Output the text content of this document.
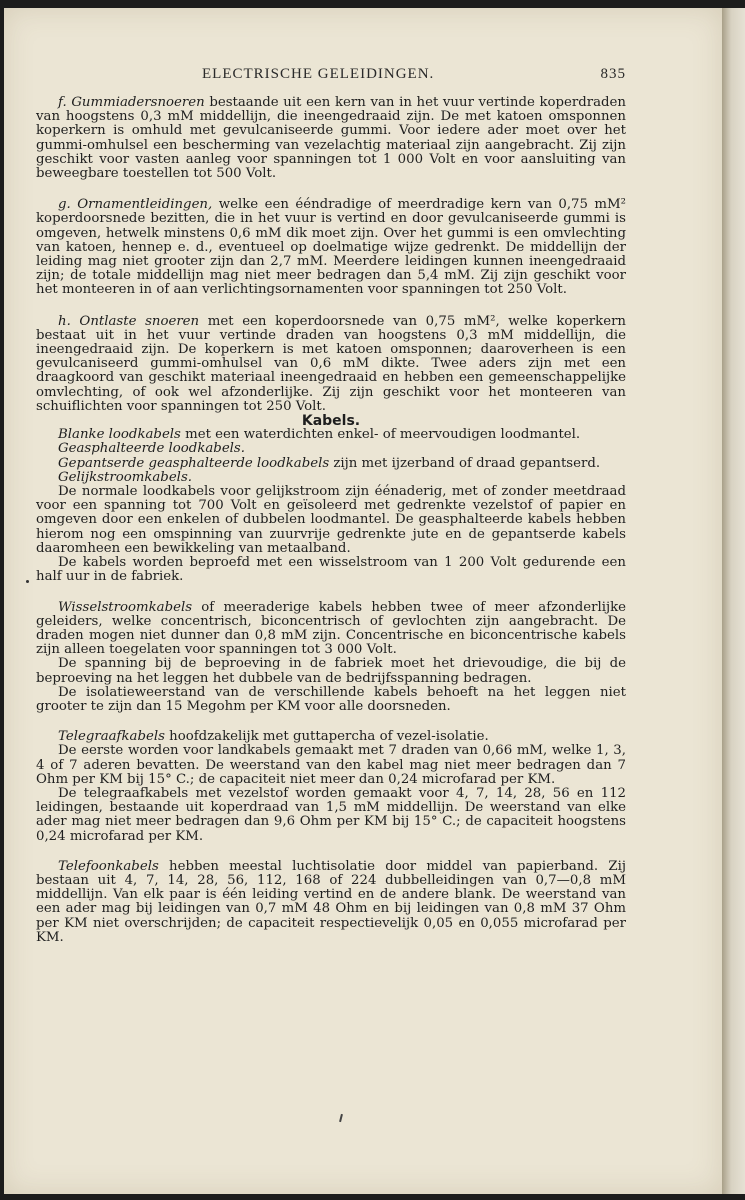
ELECTRISCHE GELEIDINGEN.	835

f. Gummiadersnoeren bestaande uit een kern van in het vuur vertinde koperdraden van hoogstens 0,3 mM middellijn, die ineengedraaid zijn. De met katoen omsponnen koperkern is omhuld met gevulcaniseerde gummi. Voor iedere ader moet over het gummi-omhulsel een bescherming van vezelachtig materiaal zijn aangebracht. Zij zijn geschikt voor vasten aanleg voor spanningen tot 1 000 Volt en voor aansluiting van beweegbare toestellen tot 500 Volt.

g. Ornamentleidingen, welke een ééndradige of meerdradige kern van 0,75 mM² koperdoorsnede bezitten, die in het vuur is vertind en door gevulcaniseerde gummi is omgeven, hetwelk minstens 0,6 mM dik moet zijn. Over het gummi is een omvlechting van katoen, hennep e. d., eventueel op doelmatige wijze gedrenkt. De middellijn der leiding mag niet grooter zijn dan 2,7 mM. Meerdere leidingen kunnen ineengedraaid zijn; de totale middellijn mag niet meer bedragen dan 5,4 mM. Zij zijn geschikt voor het monteeren in of aan verlichtingsornamenten voor spanningen tot 250 Volt.

h. Ontlaste snoeren met een koperdoorsnede van 0,75 mM², welke koperkern bestaat uit in het vuur vertinde draden van hoogstens 0,3 mM middellijn, die ineengedraaid zijn. De koperkern is met katoen omsponnen; daaroverheen is een gevulcaniseerd gummi-omhulsel van 0,6 mM dikte. Twee aders zijn met een draagkoord van geschikt materiaal ineengedraaid en hebben een gemeenschappelijke omvlechting, of ook wel afzonderlijke. Zij zijn geschikt voor het monteeren van schuiflichten voor spanningen tot 250 Volt.

Kabels.

Blanke loodkabels met een waterdichten enkel- of meervoudigen loodmantel.

Geasphalteerde loodkabels.

Gepantserde geasphalteerde loodkabels zijn met ijzerband of draad gepantserd.

Gelijkstroomkabels.

De normale loodkabels voor gelijkstroom zijn éénaderig, met of zonder meetdraad voor een spanning tot 700 Volt en geïsoleerd met gedrenkte vezelstof of papier en omgeven door een enkelen of dubbelen loodmantel. De geasphalteerde kabels hebben hierom nog een omspinning van zuurvrije gedrenkte jute en de gepantserde kabels daaromheen een bewikkeling van metaalband.

De kabels worden beproefd met een wisselstroom van 1 200 Volt gedurende een half uur in de fabriek.

Wisselstroomkabels of meeraderige kabels hebben twee of meer afzonderlijke geleiders, welke concentrisch, biconcentrisch of gevlochten zijn aangebracht. De draden mogen niet dunner dan 0,8 mM zijn. Concentrische en biconcentrische kabels zijn alleen toegelaten voor spanningen tot 3 000 Volt.

De spanning bij de beproeving in de fabriek moet het drievoudige, die bij de beproeving na het leggen het dubbele van de bedrijfsspanning bedragen.

De isolatieweerstand van de verschillende kabels behoeft na het leggen niet grooter te zijn dan 15 Megohm per KM voor alle doorsneden.

Telegraafkabels hoofdzakelijk met guttapercha of vezel-isolatie.

De eerste worden voor landkabels gemaakt met 7 draden van 0,66 mM, welke 1, 3, 4 of 7 aderen bevatten. De weerstand van den kabel mag niet meer bedragen dan 7 Ohm per KM bij 15° C.; de capaciteit niet meer dan 0,24 microfarad per KM.

De telegraafkabels met vezelstof worden gemaakt voor 4, 7, 14, 28, 56 en 112 leidingen, bestaande uit koperdraad van 1,5 mM middellijn. De weerstand van elke ader mag niet meer bedragen dan 9,6 Ohm per KM bij 15° C.; de capaciteit hoogstens 0,24 microfarad per KM.

Telefoonkabels hebben meestal luchtisolatie door middel van papierband. Zij bestaan uit 4, 7, 14, 28, 56, 112, 168 of 224 dubbelleidingen van 0,7—0,8 mM middellijn. Van elk paar is één leiding vertind en de andere blank. De weerstand van een ader mag bij leidingen van 0,7 mM 48 Ohm en bij leidingen van 0,8 mM 37 Ohm per KM niet overschrijden; de capaciteit respectievelijk 0,05 en 0,055 microfarad per KM.
